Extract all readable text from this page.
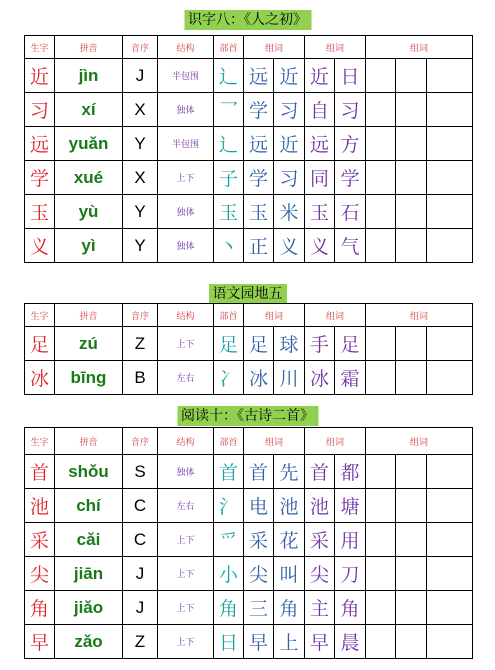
识字八：《人之初》
生字	拼音	音序	结构	部首	组词		组词		组词		
近	jìn	J	半包围	辶	远	近	近	日			
习	xí	X	独体	乛	学	习	自	习			
远	yuǎn	Y	半包围	辶	远	近	远	方			
学	xué	X	上下	子	学	习	同	学			
玉	yù	Y	独体	玉	玉	米	玉	石			
义	yì	Y	独体	丶	正	义	义	气			
语文园地五
生字	拼音	音序	结构	部首	组词		组词		组词		
足	zú	Z	上下	足	足	球	手	足			
冰	bīng	B	左右	冫	冰	川	冰	霜			
阅读十：《古诗二首》
生字	拼音	音序	结构	部首	组词		组词		组词		
首	shǒu	S	独体	首	首	先	首	都			
池	chí	C	左右	氵	电	池	池	塘			
采	cǎi	C	上下	爫	采	花	采	用			
尖	jiān	J	上下	小	尖	叫	尖	刀			
角	jiǎo	J	上下	角	三	角	主	角			
早	zǎo	Z	上下	日	早	上	早	晨			
